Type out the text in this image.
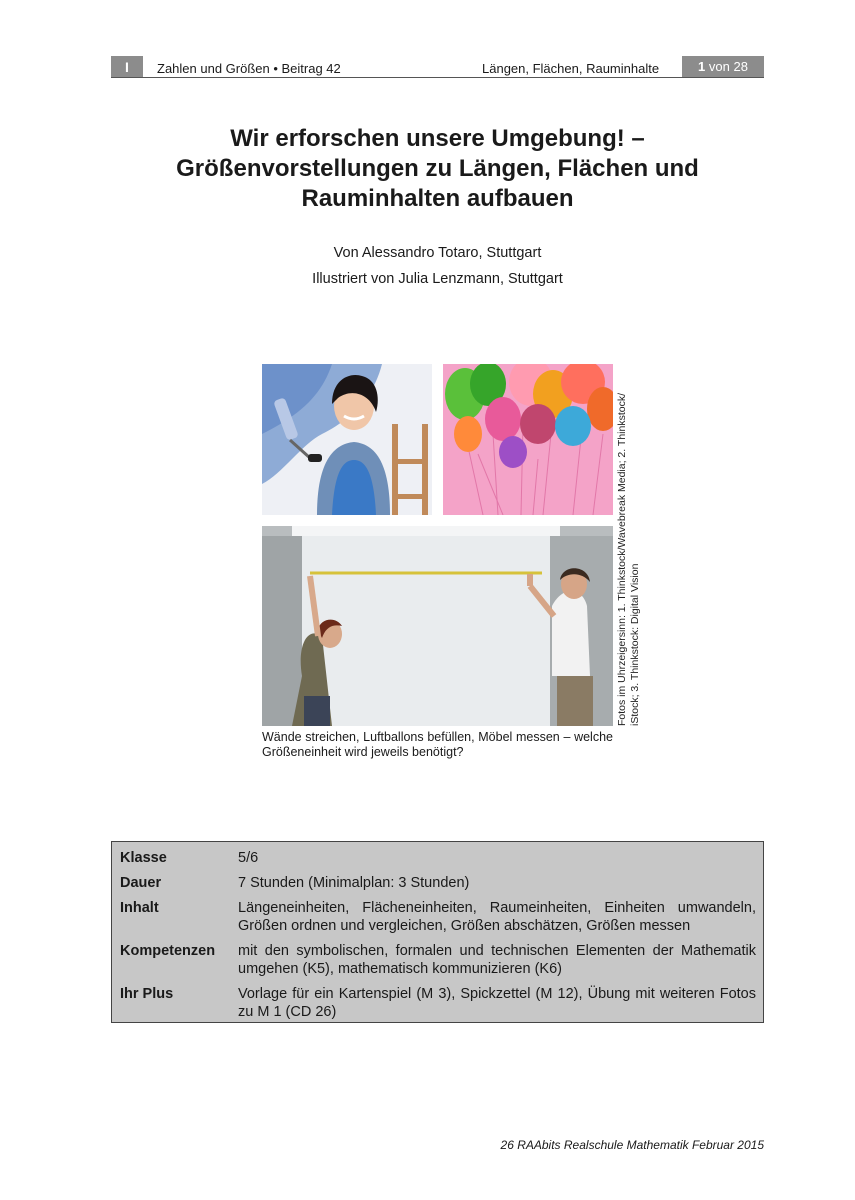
I	Zahlen und Größen • Beitrag 42	Längen, Flächen, Rauminhalte	1 von 28
Wir erforschen unsere Umgebung! –
Größenvorstellungen zu Längen, Flächen und
Rauminhalten aufbauen
Von Alessandro Totaro, Stuttgart
Illustriert von Julia Lenzmann, Stuttgart
Fotos im Uhrzeigersinn: 1. Thinkstock/Wavebreak Media; 2. Thinkstock/ iStock; 3. Thinkstock: Digital Vision
Wände streichen, Luftballons befüllen, Möbel messen – welche Größeneinheit wird jeweils benötigt?
Klasse	5/6
Dauer	7 Stunden (Minimalplan: 3 Stunden)
Inhalt	Längeneinheiten, Flächeneinheiten, Raumeinheiten, Einheiten umwandeln, Größen ordnen und vergleichen, Größen abschätzen, Größen messen
Kompetenzen	mit den symbolischen, formalen und technischen Elementen der Mathematik umgehen (K5), mathematisch kommunizieren (K6)
Ihr Plus	Vorlage für ein Kartenspiel (M 3), Spickzettel (M 12), Übung mit weiteren Fotos zu M 1 (CD 26)
26 RAAbits Realschule Mathematik Februar 2015
